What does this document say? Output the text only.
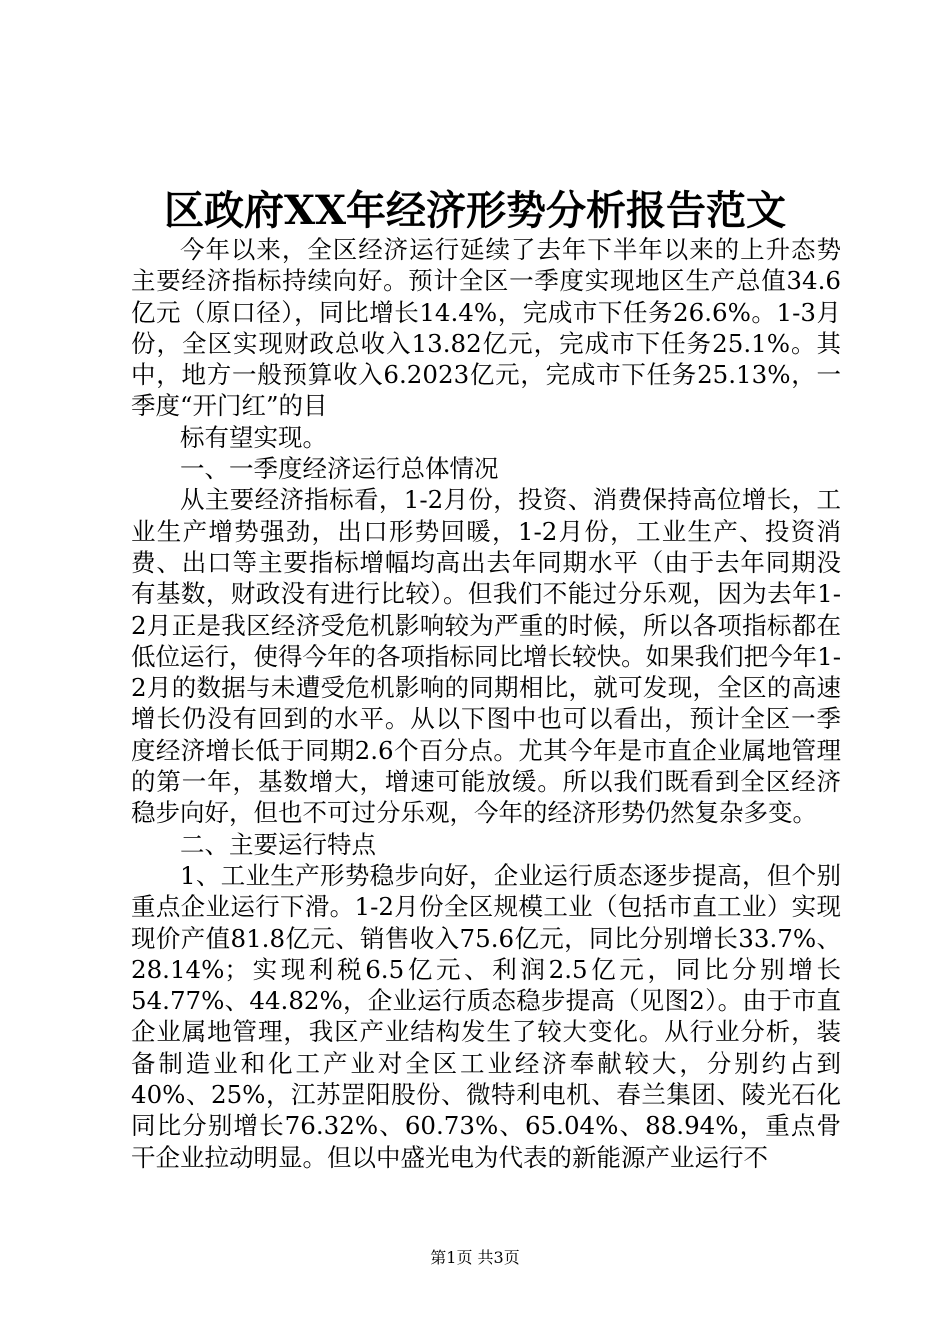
区政府XX年经济形势分析报告范文

今年以来，全区经济运行延续了去年下半年以来的上升态势主要经济指标持续向好。预计全区一季度实现地区生产总值34.6亿元（原口径），同比增长14.4%，完成市下任务26.6%。1-3月份，全区实现财政总收入13.82亿元，完成市下任务25.1%。其中，地方一般预算收入6.2023亿元，完成市下任务25.13%，一季度“开门红”的目

标有望实现。

一、一季度经济运行总体情况

从主要经济指标看，1-2月份，投资、消费保持高位增长，工业生产增势强劲，出口形势回暖，1-2月份，工业生产、投资消费、出口等主要指标增幅均高出去年同期水平（由于去年同期没有基数，财政没有进行比较）。但我们不能过分乐观，因为去年1-2月正是我区经济受危机影响较为严重的时候，所以各项指标都在低位运行，使得今年的各项指标同比增长较快。如果我们把今年1-2月的数据与未遭受危机影响的同期相比，就可发现，全区的高速增长仍没有回到的水平。从以下图中也可以看出，预计全区一季度经济增长低于同期2.6个百分点。尤其今年是市直企业属地管理的第一年，基数增大，增速可能放缓。所以我们既看到全区经济稳步向好，但也不可过分乐观，今年的经济形势仍然复杂多变。

二、主要运行特点

1、工业生产形势稳步向好，企业运行质态逐步提高，但个别重点企业运行下滑。1-2月份全区规模工业（包括市直工业）实现现价产值81.8亿元、销售收入75.6亿元，同比分别增长33.7%、28.14%；实现利税6.5亿元、利润2.5亿元，同比分别增长54.77%、44.82%，企业运行质态稳步提高（见图2）。由于市直企业属地管理，我区产业结构发生了较大变化。从行业分析，装备制造业和化工产业对全区工业经济奉献较大，分别约占到40%、25%，江苏罡阳股份、微特利电机、春兰集团、陵光石化同比分别增长76.32%、60.73%、65.04%、88.94%，重点骨干企业拉动明显。但以中盛光电为代表的新能源产业运行不

第1页 共3页
